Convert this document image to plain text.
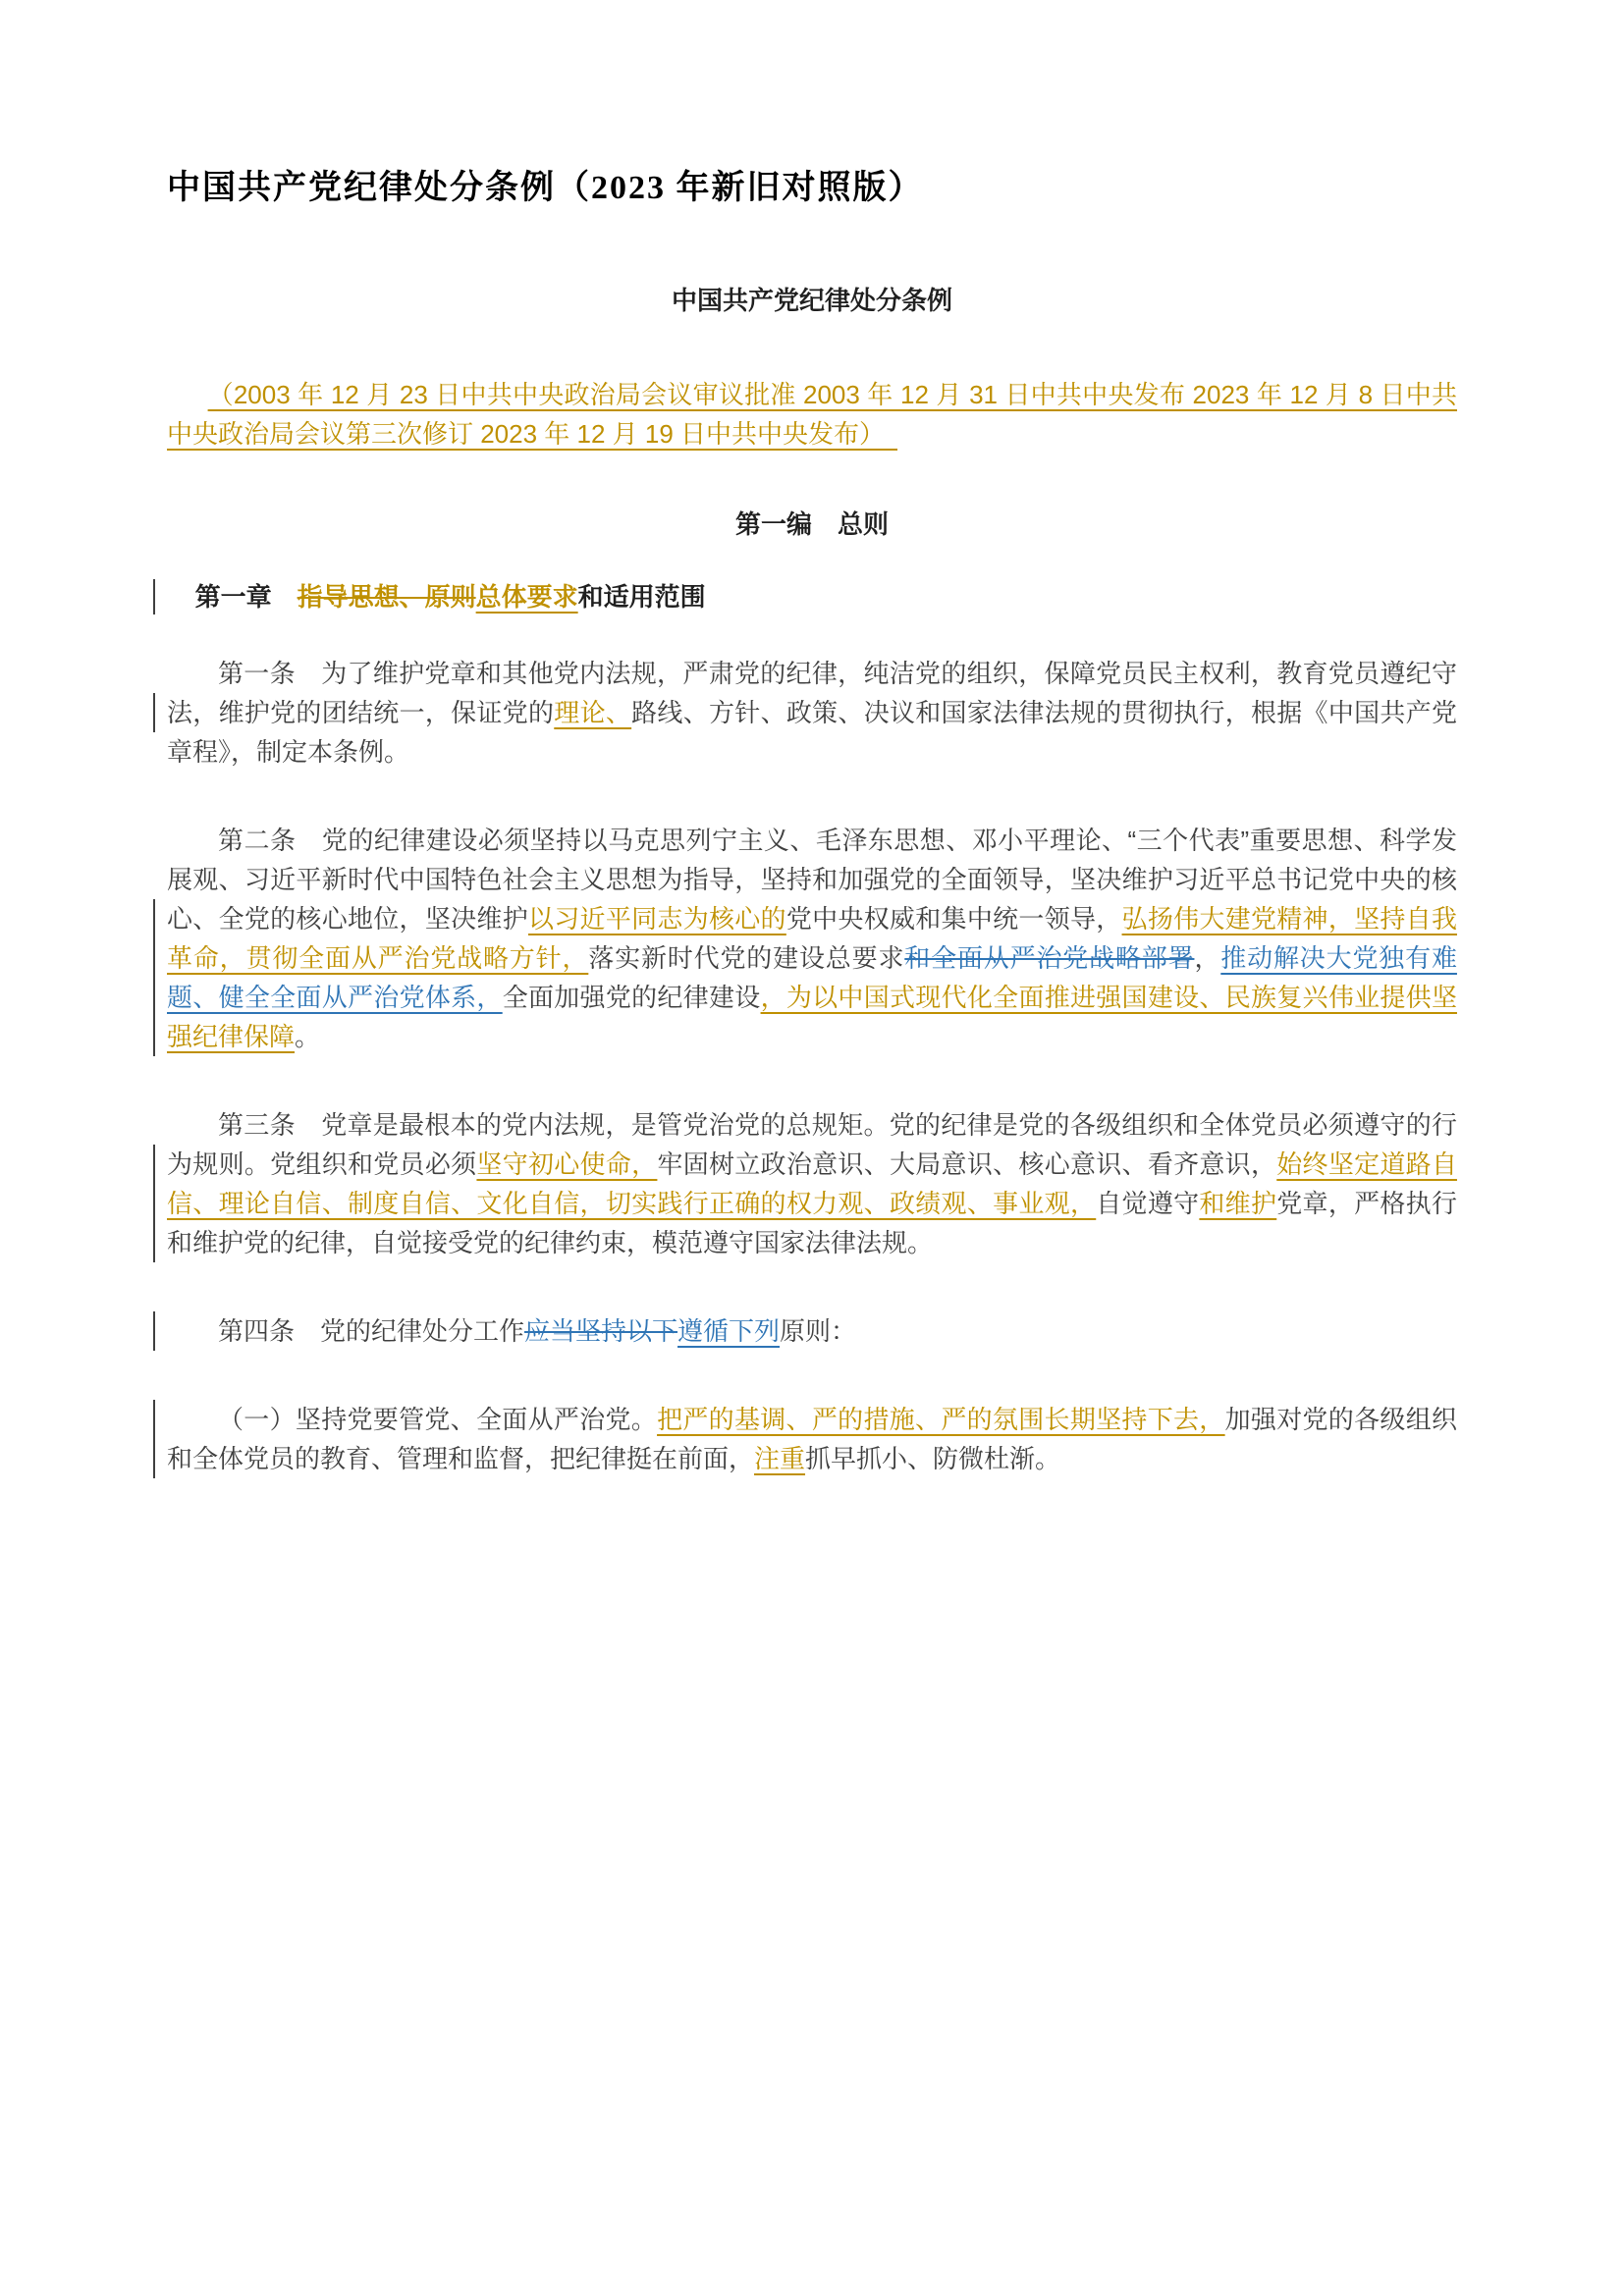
中国共产党纪律处分条例（2023 年新旧对照版）
中国共产党纪律处分条例

（2003 年 12 月 23 日中共中央政治局会议审议批准 2003 年 12 月 31 日中共中央发布 2023 年 12 月 8 日中共中央政治局会议第三次修订 2023 年 12 月 19 日中共中央发布）　

第一编　总则
第一章　指导思想、原则总体要求和适用范围

第一条　为了维护党章和其他党内法规，严肃党的纪律，纯洁党的组织，保障党员民主权利，教育党员遵纪守法，维护党的团结统一，保证党的理论、路线、方针、政策、决议和国家法律法规的贯彻执行，根据《中国共产党章程》，制定本条例。

第二条　党的纪律建设必须坚持以马克思列宁主义、毛泽东思想、邓小平理论、“三个代表”重要思想、科学发展观、习近平新时代中国特色社会主义思想为指导，坚持和加强党的全面领导，坚决维护习近平总书记党中央的核心、全党的核心地位，坚决维护以习近平同志为核心的党中央权威和集中统一领导，弘扬伟大建党精神，坚持自我革命，贯彻全面从严治党战略方针，落实新时代党的建设总要求和全面从严治党战略部署，推动解决大党独有难题、健全全面从严治党体系，全面加强党的纪律建设，为以中国式现代化全面推进强国建设、民族复兴伟业提供坚强纪律保障。

第三条　党章是最根本的党内法规，是管党治党的总规矩。党的纪律是党的各级组织和全体党员必须遵守的行为规则。党组织和党员必须坚守初心使命，牢固树立政治意识、大局意识、核心意识、看齐意识，始终坚定道路自信、理论自信、制度自信、文化自信，切实践行正确的权力观、政绩观、事业观，自觉遵守和维护党章，严格执行和维护党的纪律，自觉接受党的纪律约束，模范遵守国家法律法规。

第四条　党的纪律处分工作应当坚持以下遵循下列原则：

（一）坚持党要管党、全面从严治党。把严的基调、严的措施、严的氛围长期坚持下去，加强对党的各级组织和全体党员的教育、管理和监督，把纪律挺在前面，注重抓早抓小、防微杜渐。
